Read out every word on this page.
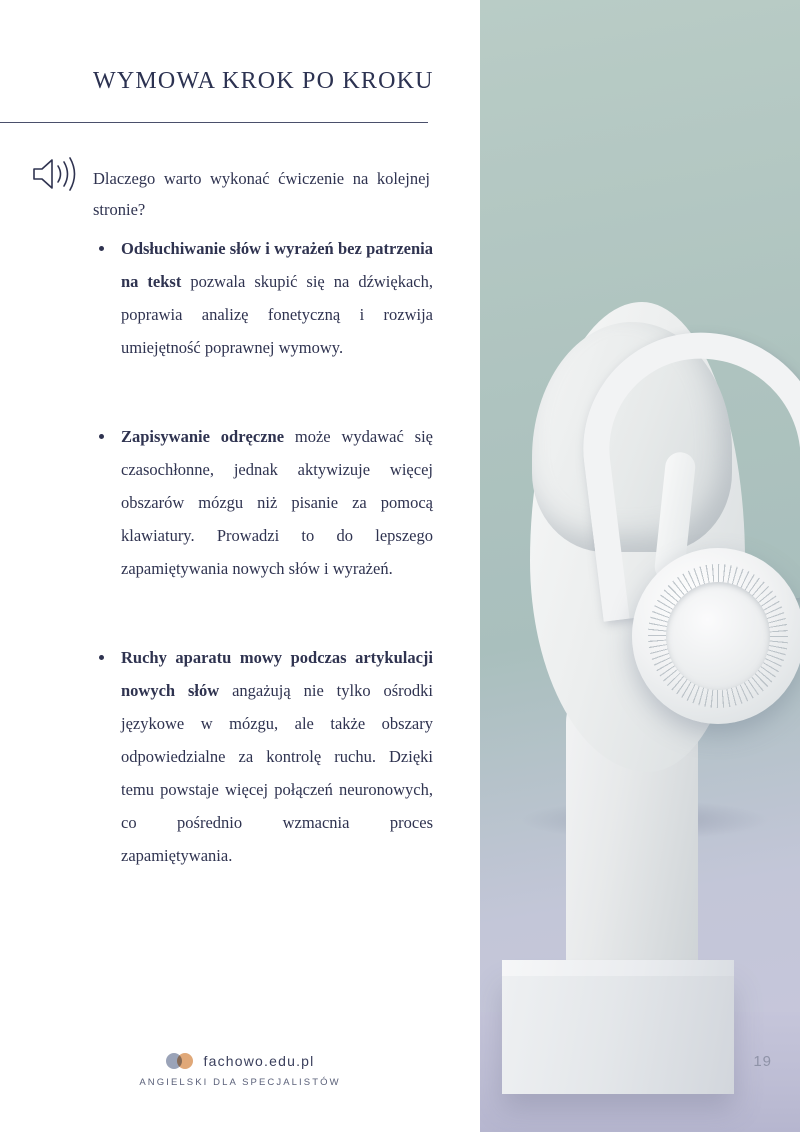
19
WYMOWA KROK PO KROKU

Dlaczego warto wykonać ćwiczenie na kolejnej stronie?

Odsłuchiwanie słów i wyrażeń bez patrzenia na tekst pozwala skupić się na dźwiękach, poprawia analizę fonetyczną i rozwija umiejętność poprawnej wymowy.
Zapisywanie odręczne może wydawać się czasochłonne, jednak aktywizuje więcej obszarów mózgu niż pisanie za pomocą klawiatury. Prowadzi to do lepszego zapamiętywania nowych słów i wyrażeń.
Ruchy aparatu mowy podczas artykulacji nowych słów angażują nie tylko ośrodki językowe w mózgu, ale także obszary odpowiedzialne za kontrolę ruchu. Dzięki temu powstaje więcej połączeń neuronowych, co pośrednio wzmacnia proces zapamiętywania.
fachowo.edu.pl
ANGIELSKI DLA SPECJALISTÓW
